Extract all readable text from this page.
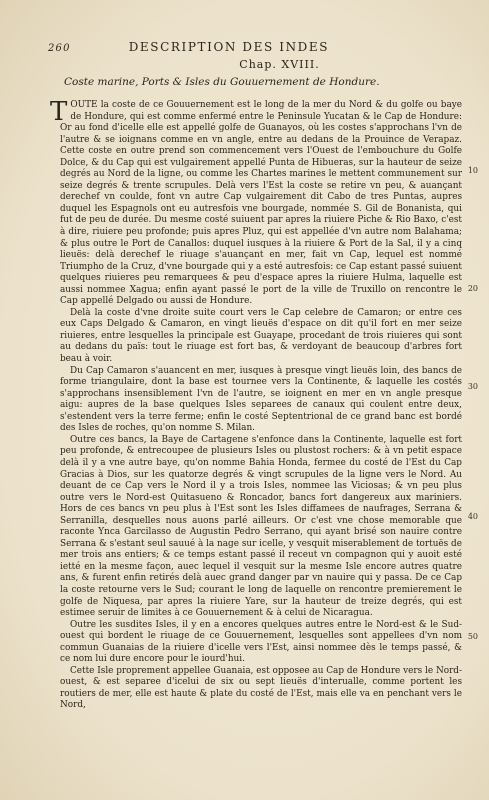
260	DESCRIPTION DES INDES
Chap. XVIII.
Coste marine, Ports & Isles du Gouuernement de Hondure.

TOUTE la coste de ce Gouuernement est le long de la mer du Nord & du golfe ou baye de Hondure, qui est comme enfermé entre le Peninsule Yucatan & le Cap de Hondure: Or au fond d'icelle elle est appellé golfe de Guanayos, où les costes s'approchans l'vn de l'autre & se ioignans comme en vn angle, entre au dedans de la Prouince de Verapaz. Cette coste en outre prend son commencement vers l'Ouest de l'embouchure du Golfe Dolce, & du Cap qui est vulgairement appellé Punta de Hibueras, sur la hauteur de seize degrés au Nord de la ligne, ou comme les Chartes marines le mettent communement sur seize degrés & trente scrupules. Delà vers l'Est la coste se retire vn peu, & auançant derechef vn coulde, font vn autre Cap vulgairement dit Cabo de tres Puntas, aupres duquel les Espagnols ont eu autresfois vne bourgade, nommée S. Gil de Bonanista, qui fut de peu de durée. Du mesme costé suiuent par apres la riuiere Piche & Rio Baxo, c'est à dire, riuiere peu profonde; puis apres Pluz, qui est appellée d'vn autre nom Balahama; & plus outre le Port de Canallos: duquel iusques à la riuiere & Port de la Sal, il y a cinq lieuës: delà derechef le riuage s'auançant en mer, fait vn Cap, lequel est nommé Triumpho de la Cruz, d'vne bourgade qui y a esté autresfois: ce Cap estant passé suiuent quelques riuieres peu remarquees & peu d'espace apres la riuiere Hulma, laquelle est aussi nommee Xagua; enfin ayant passé le port de la ville de Truxillo on rencontre le Cap appellé Delgado ou aussi de Hondure.

Delà la coste d'vne droite suite court vers le Cap celebre de Camaron; or entre ces eux Caps Delgado & Camaron, en vingt lieuës d'espace on dit qu'il fort en mer seize riuieres, entre lesquelles la principale est Guayape, procedant de trois riuieres qui sont au dedans du païs: tout le riuage est fort bas, & verdoyant de beaucoup d'arbres fort beau à voir.

Du Cap Camaron s'auancent en mer, iusques à presque vingt lieuës loin, des bancs de forme triangulaire, dont la base est tournee vers la Continente, & laquelle les costés s'approchans insensiblement l'vn de l'autre, se ioignent en mer en vn angle presque aigu: aupres de la base quelques Isles separees de canaux qui coulent entre deux, s'estendent vers la terre ferme; enfin le costé Septentrional de ce grand banc est bordé des Isles de roches, qu'on nomme S. Milan.

Outre ces bancs, la Baye de Cartagene s'enfonce dans la Continente, laquelle est fort peu profonde, & entrecoupee de plusieurs Isles ou plustost rochers: & à vn petit espace delà il y a vne autre baye, qu'on nomme Bahia Honda, fermee du costé de l'Est du Cap Gracias à Dios, sur les quatorze degrés & vingt scrupules de la ligne vers le Nord. Au deuant de ce Cap vers le Nord il y a trois Isles, nommee las Viciosas; & vn peu plus outre vers le Nord-est Quitasueno & Roncador, bancs fort dangereux aux mariniers. Hors de ces bancs vn peu plus à l'Est sont les Isles diffamees de naufrages, Serrana & Serranilla, desquelles nous auons parlé ailleurs. Or c'est vne chose memorable que raconte Ynca Garcilasso de Augustin Pedro Serrano, qui ayant brisé son nauire contre Serrana & s'estant seul sauué à la nage sur icelle, y vesquit miserablement de tortuës de mer trois ans entiers; & ce temps estant passé il receut vn compagnon qui y auoit esté ietté en la mesme façon, auec lequel il vesquit sur la mesme Isle encore autres quatre ans, & furent enfin retirés delà auec grand danger par vn nauire qui y passa. De ce Cap la coste retourne vers le Sud; courant le long de laquelle on rencontre premierement le golfe de Niquesa, par apres la riuiere Yare, sur la hauteur de treize degrés, qui est estimee seruir de limites à ce Gouuernement & à celui de Nicaragua.

Outre les susdites Isles, il y en a encores quelques autres entre le Nord-est & le Sud-ouest qui bordent le riuage de ce Gouuernement, lesquelles sont appellees d'vn nom commun Guanaias de la riuiere d'icelle vers l'Est, ainsi nommee dès le temps passé, & ce nom lui dure encore pour le iourd'hui.

Cette Isle proprement appellee Guanaia, est opposee au Cap de Hondure vers le Nord-ouest, & est separee d'icelui de six ou sept lieuës d'interualle, comme portent les routiers de mer, elle est haute & plate du costé de l'Est, mais elle va en penchant vers le Nord,

10
20
30
40
50
